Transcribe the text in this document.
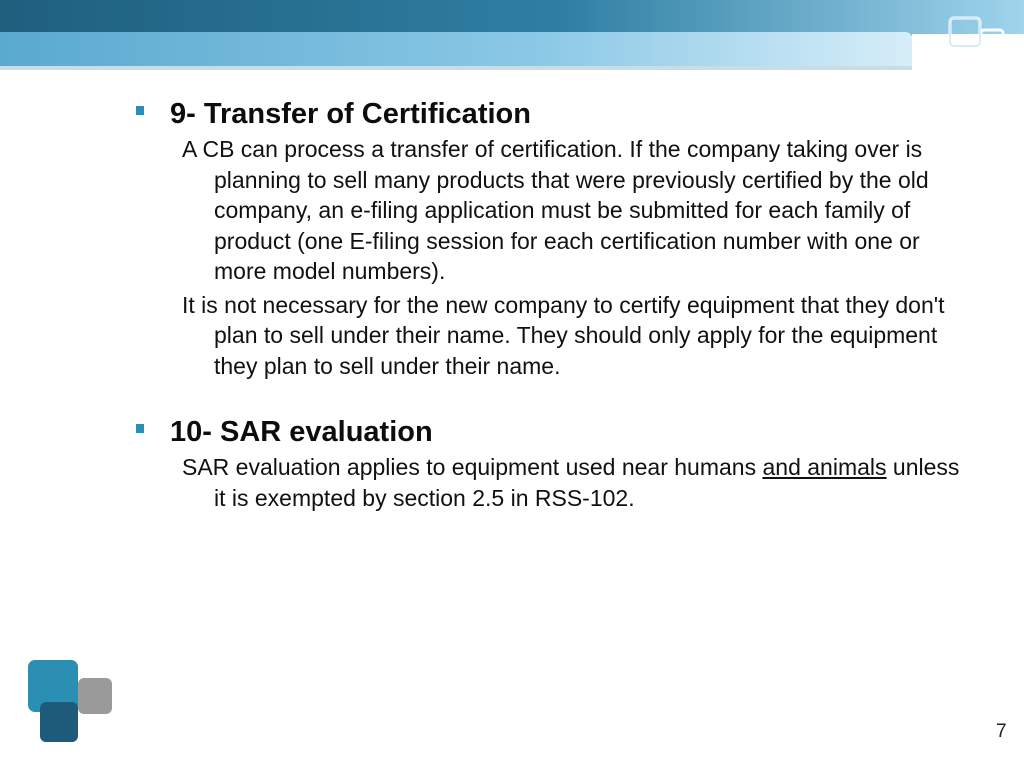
9- Transfer of Certification
A CB can process a transfer of certification. If the company taking over is planning to sell many products that were previously certified by the old company, an e-filing application must be submitted for each family of product (one E-filing session for each certification number with one or more model numbers).
It is not necessary for the new company to certify equipment that they don't plan to sell under their name. They should only apply for the equipment they plan to sell under their name.
10- SAR evaluation
SAR evaluation applies to equipment used near humans and animals unless it is exempted by section 2.5 in RSS-102.
7
